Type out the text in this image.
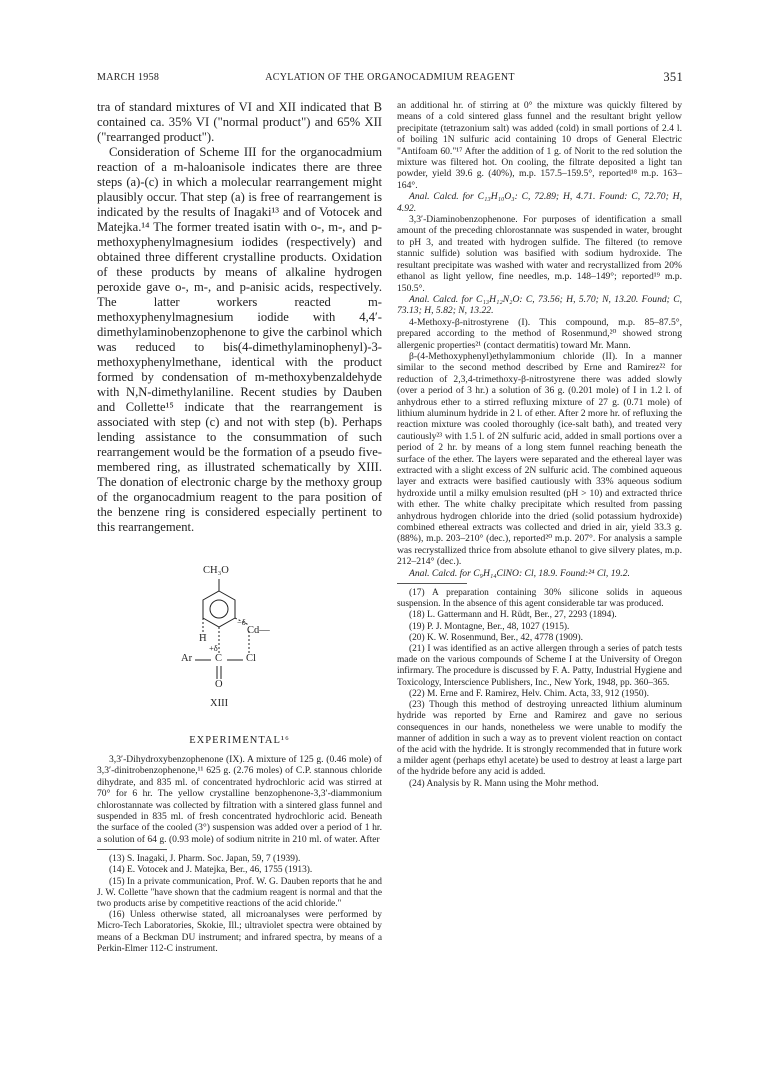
MARCH 1958	ACYLATION OF THE ORGANOCADMIUM REAGENT	351

tra of standard mixtures of VI and XII indicated that B contained ca. 35% VI ("normal product") and 65% XII ("rearranged product").

Consideration of Scheme III for the organocadmium reaction of a m-haloanisole indicates there are three steps (a)-(c) in which a molecular rearrangement might plausibly occur. That step (a) is free of rearrangement is indicated by the results of Inagaki¹³ and of Votocek and Matejka.¹⁴ The former treated isatin with o-, m-, and p-methoxyphenylmagnesium iodides (respectively) and obtained three different crystalline products. Oxidation of these products by means of alkaline hydrogen peroxide gave o-, m-, and p-anisic acids, respectively. The latter workers reacted m-methoxyphenylmagnesium iodide with 4,4′-dimethylaminobenzophenone to give the carbinol which was reduced to bis(4-dimethylaminophenyl)-3-methoxyphenylmethane, identical with the product formed by condensation of m-methoxybenzaldehyde with N,N-dimethylaniline. Recent studies by Dauben and Collette¹⁵ indicate that the rearrangement is associated with step (c) and not with step (b). Perhaps lending assistance to the consummation of such rearrangement would be the formation of a pseudo five-membered ring, as illustrated schematically by XIII. The donation of electronic charge by the methoxy group of the organocadmium reagent to the para position of the benzene ring is considered especially pertinent to this rearrangement.

CH₃O
−δ
Cd—
H
+δ
Ar C Cl
O
XIII
EXPERIMENTAL¹⁶

3,3′-Dihydroxybenzophenone (IX). A mixture of 125 g. (0.46 mole) of 3,3′-dinitrobenzophenone,¹¹ 625 g. (2.76 moles) of C.P. stannous chloride dihydrate, and 835 ml. of concentrated hydrochloric acid was stirred at 70° for 6 hr. The yellow crystalline benzophenone-3,3′-diammonium chlorostannate was collected by filtration with a sintered glass funnel and suspended in 835 ml. of fresh concentrated hydrochloric acid. Beneath the surface of the cooled (3°) suspension was added over a period of 1 hr. a solution of 64 g. (0.93 mole) of sodium nitrite in 210 ml. of water. After

(13) S. Inagaki, J. Pharm. Soc. Japan, 59, 7 (1939).

(14) E. Votocek and J. Matejka, Ber., 46, 1755 (1913).

(15) In a private communication, Prof. W. G. Dauben reports that he and J. W. Collette "have shown that the cadmium reagent is normal and that the two products arise by competitive reactions of the acid chloride."

(16) Unless otherwise stated, all microanalyses were performed by Micro-Tech Laboratories, Skokie, Ill.; ultraviolet spectra were obtained by means of a Beckman DU instrument; and infrared spectra, by means of a Perkin-Elmer 112-C instrument.

an additional hr. of stirring at 0° the mixture was quickly filtered by means of a cold sintered glass funnel and the resultant bright yellow precipitate (tetrazonium salt) was added (cold) in small portions of 2.4 l. of boiling 1N sulfuric acid containing 10 drops of General Electric "Antifoam 60."¹⁷ After the addition of 1 g. of Norit to the red solution the mixture was filtered hot. On cooling, the filtrate deposited a light tan powder, yield 39.6 g. (40%), m.p. 157.5–159.5°, reported¹⁸ m.p. 163–164°.

Anal. Calcd. for C₁₃H₁₀O₃: C, 72.89; H, 4.71. Found: C, 72.70; H, 4.92.

3,3′-Diaminobenzophenone. For purposes of identification a small amount of the preceding chlorostannate was suspended in water, brought to pH 3, and treated with hydrogen sulfide. The filtered (to remove stannic sulfide) solution was basified with sodium hydroxide. The resultant precipitate was washed with water and recrystallized from 20% ethanol as light yellow, fine needles, m.p. 148–149°; reported¹⁹ m.p. 150.5°.

Anal. Calcd. for C₁₃H₁₂N₂O: C, 73.56; H, 5.70; N, 13.20. Found; C, 73.13; H, 5.82; N, 13.22.

4-Methoxy-β-nitrostyrene (I). This compound, m.p. 85–87.5°, prepared according to the method of Rosenmund,²⁰ showed strong allergenic properties²¹ (contact dermatitis) toward Mr. Mann.

β-(4-Methoxyphenyl)ethylammonium chloride (II). In a manner similar to the second method described by Erne and Ramirez²² for reduction of 2,3,4-trimethoxy-β-nitrostyrene there was added slowly (over a period of 3 hr.) a solution of 36 g. (0.201 mole) of I in 1.2 l. of anhydrous ether to a stirred refluxing mixture of 27 g. (0.71 mole) of lithium aluminum hydride in 2 l. of ether. After 2 more hr. of refluxing the reaction mixture was cooled thoroughly (ice-salt bath), and treated very cautiously²³ with 1.5 l. of 2N sulfuric acid, added in small portions over a period of 2 hr. by means of a long stem funnel reaching beneath the surface of the ether. The layers were separated and the ethereal layer was extracted with a slight excess of 2N sulfuric acid. The combined aqueous layer and extracts were basified cautiously with 33% aqueous sodium hydroxide until a milky emulsion resulted (pH > 10) and extracted thrice with ether. The white chalky precipitate which resulted from passing anhydrous hydrogen chloride into the dried (solid potassium hydroxide) combined ethereal extracts was collected and dried in air, yield 33.3 g. (88%), m.p. 203–210° (dec.), reported²⁰ m.p. 207°. For analysis a sample was recrystallized thrice from absolute ethanol to give silvery plates, m.p. 212–214° (dec.).

Anal. Calcd. for C₉H₁₄ClNO: Cl, 18.9. Found:²⁴ Cl, 19.2.

(17) A preparation containing 30% silicone solids in aqueous suspension. In the absence of this agent considerable tar was produced.

(18) L. Gattermann and H. Rüdt, Ber., 27, 2293 (1894).

(19) P. J. Montagne, Ber., 48, 1027 (1915).

(20) K. W. Rosenmund, Ber., 42, 4778 (1909).

(21) I was identified as an active allergen through a series of patch tests made on the various compounds of Scheme I at the University of Oregon infirmary. The procedure is discussed by F. A. Patty, Industrial Hygiene and Toxicology, Interscience Publishers, Inc., New York, 1948, pp. 360–365.

(22) M. Erne and F. Ramirez, Helv. Chim. Acta, 33, 912 (1950).

(23) Though this method of destroying unreacted lithium aluminum hydride was reported by Erne and Ramirez and gave no serious consequences in our hands, nonetheless we were unable to modify the manner of addition in such a way as to prevent violent reaction on contact of the acid with the hydride. It is strongly recommended that in future work a milder agent (perhaps ethyl acetate) be used to destroy at least a large part of the hydride before any acid is added.

(24) Analysis by R. Mann using the Mohr method.
